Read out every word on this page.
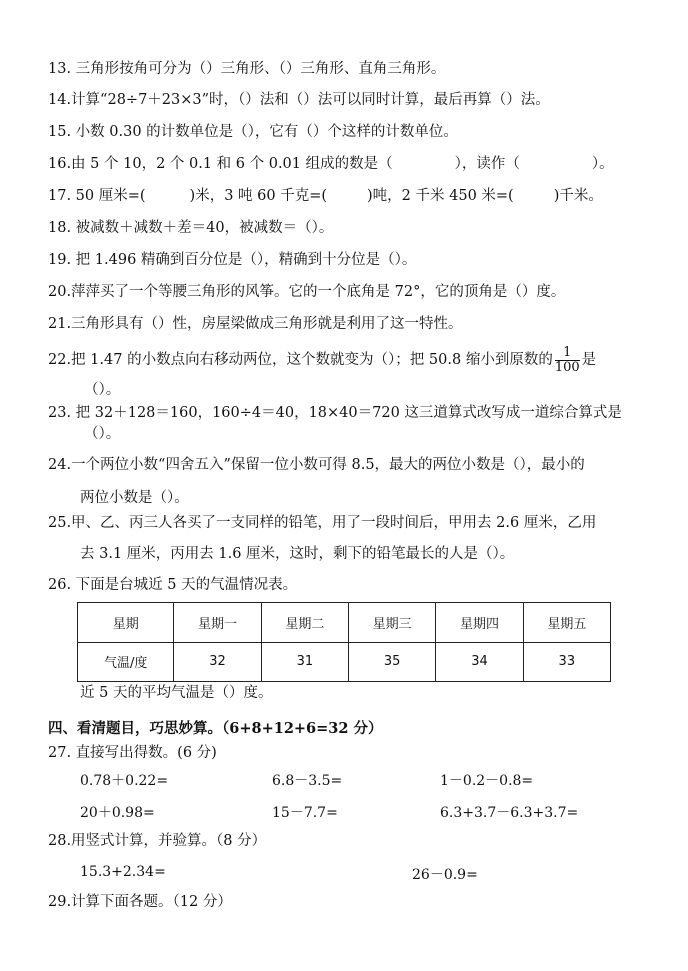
13. 三角形按角可分为（）三角形、（）三角形、直角三角形。
14.计算“28÷7＋23×3”时，（）法和（）法可以同时计算，最后再算（）法。
15. 小数 0.30 的计数单位是（），它有（）个这样的计数单位。
16.由 5 个 10，2 个 0.1 和 6 个 0.01 组成的数是（	），读作（	）。
17. 50 厘米=(	)米，3 吨 60 千克=(	)吨，2 千米 450 米=(	)千米。
18. 被减数＋减数＋差＝40，被减数＝（）。
19. 把 1.496 精确到百分位是（），精确到十分位是（）。
20.萍萍买了一个等腰三角形的风筝。它的一个底角是 72°，它的顶角是（）度。
21.三角形具有（）性，房屋梁做成三角形就是利用了这一特性。
22.把 1.47 的小数点向右移动两位，这个数就变为（）；把 50.8 缩小到原数的 $\frac{1}{100}$ 是
（）。
23. 把 32＋128＝160，160÷4＝40，18×40＝720 这三道算式改写成一道综合算式是
（）。
24.一个两位小数“四舍五入”保留一位小数可得 8.5，最大的两位小数是（），最小的
两位小数是（）。
25.甲、乙、丙三人各买了一支同样的铅笔，用了一段时间后，甲用去 2.6 厘米，乙用
去 3.1 厘米，丙用去 1.6 厘米，这时，剩下的铅笔最长的人是（）。
26. 下面是台城近 5 天的气温情况表。
星期	星期一	星期二	星期三	星期四	星期五
气温/度	32	31	35	34	33
近 5 天的平均气温是（）度。
四、看清题目，巧思妙算。（6+8+12+6=32 分）
27. 直接写出得数。(6 分)
0.78＋0.22=	6.8－3.5=	1－0.2－0.8=
20＋0.98=	15－7.7=	6.3+3.7－6.3+3.7=
28.用竖式计算，并验算。（8 分）
15.3+2.34=	26－0.9=
29.计算下面各题。（12 分）
